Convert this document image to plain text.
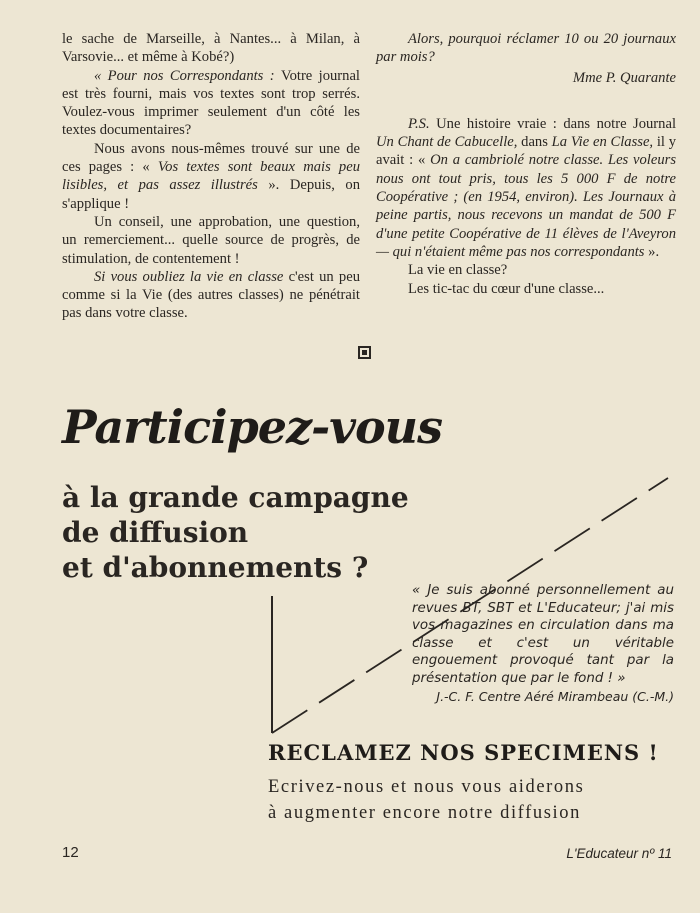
le sache de Marseille, à Nantes... à Milan, à Varsovie... et même à Kobé?)

« Pour nos Correspondants : Votre journal est très fourni, mais vos textes sont trop serrés. Voulez-vous imprimer seulement d'un côté les textes documentaires?

Nous avons nous-mêmes trouvé sur une de ces pages : « Vos textes sont beaux mais peu lisibles, et pas assez illustrés ». Depuis, on s'applique !

Un conseil, une approbation, une question, un remerciement... quelle source de progrès, de stimulation, de contentement !

Si vous oubliez la vie en classe c'est un peu comme si la Vie (des autres classes) ne pénétrait pas dans votre classe.

Alors, pourquoi réclamer 10 ou 20 journaux par mois?

Mme P. Quarante

P.S. Une histoire vraie : dans notre Journal Un Chant de Cabucelle, dans La Vie en Classe, il y avait : « On a cambriolé notre classe. Les voleurs nous ont tout pris, tous les 5 000 F de notre Coopérative ; (en 1954, environ). Les Journaux à peine partis, nous recevons un mandat de 500 F d'une petite Coopérative de 11 élèves de l'Aveyron — qui n'étaient même pas nos correspondants ».

La vie en classe?

Les tic-tac du cœur d'une classe...

Participez-vous
à la grande campagne
de diffusion
et d'abonnements ?

« Je suis abonné personnellement au revues BT, SBT et L'Educateur; j'ai mis vos magazines en circulation dans ma classe et c'est un véritable engouement provoqué tant par la présentation que par le fond ! »

J.-C. F. Centre Aéré Mirambeau (C.-M.)

RECLAMEZ NOS SPECIMENS !
Ecrivez-nous et nous vous aiderons
à augmenter encore notre diffusion
12	L'Educateur nº 11
